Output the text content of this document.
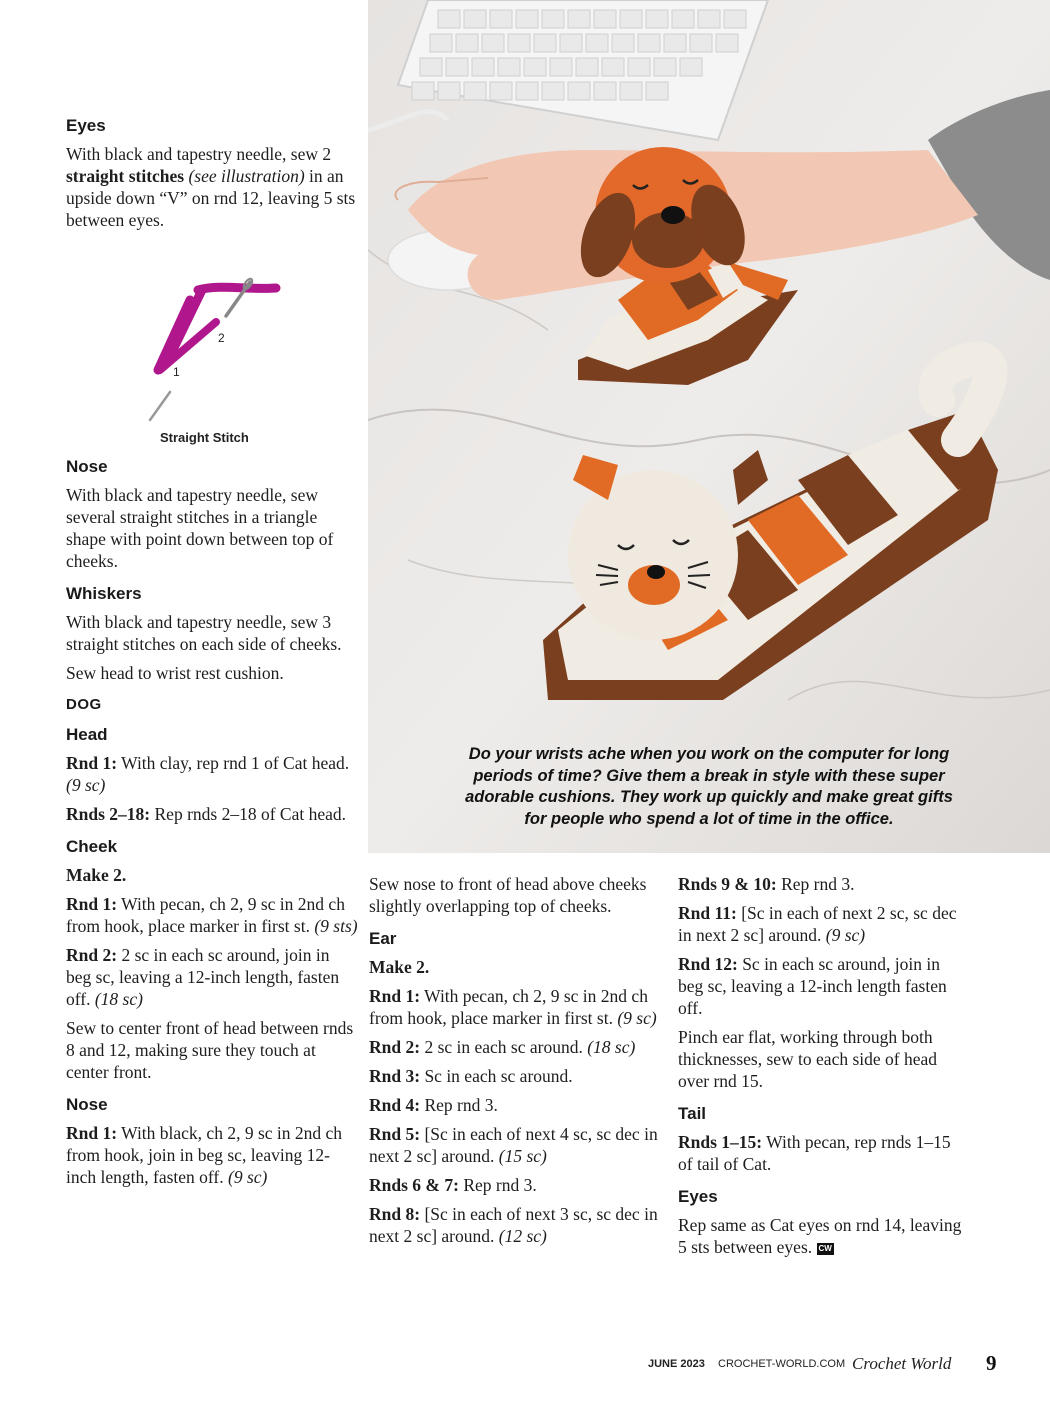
Eyes
With black and tapestry needle, sew 2 straight stitches (see illustration) in an upside down “V” on rnd 12, leaving 5 sts between eyes.
2
1
Straight Stitch
Nose
With black and tapestry needle, sew several straight stitches in a triangle shape with point down between top of cheeks.
Whiskers
With black and tapestry needle, sew 3 straight stitches on each side of cheeks.
Sew head to wrist rest cushion.
DOG
Head
Rnd 1: With clay, rep rnd 1 of Cat head. (9 sc)
Rnds 2–18: Rep rnds 2–18 of Cat head.
Cheek
Make 2.
Rnd 1: With pecan, ch 2, 9 sc in 2nd ch from hook, place marker in first st. (9 sts)
Rnd 2: 2 sc in each sc around, join in beg sc, leaving a 12-inch length, fasten off. (18 sc)
Sew to center front of head between rnds 8 and 12, making sure they touch at center front.
Nose
Rnd 1: With black, ch 2, 9 sc in 2nd ch from hook, join in beg sc, leaving 12-inch length, fasten off. (9 sc)
Do your wrists ache when you work on the computer for long
periods of time? Give them a break in style with these super
adorable cushions. They work up quickly and make great gifts
for people who spend a lot of time in the office.
Sew nose to front of head above cheeks slightly overlapping top of cheeks.
Ear
Make 2.
Rnd 1: With pecan, ch 2, 9 sc in 2nd ch from hook, place marker in first st. (9 sc)
Rnd 2: 2 sc in each sc around. (18 sc)
Rnd 3: Sc in each sc around.
Rnd 4: Rep rnd 3.
Rnd 5: [Sc in each of next 4 sc, sc dec in next 2 sc] around. (15 sc)
Rnds 6 & 7: Rep rnd 3.
Rnd 8: [Sc in each of next 3 sc, sc dec in next 2 sc] around. (12 sc)
Rnds 9 & 10: Rep rnd 3.
Rnd 11: [Sc in each of next 2 sc, sc dec in next 2 sc] around. (9 sc)
Rnd 12: Sc in each sc around, join in beg sc, leaving a 12-inch length fasten off.
Pinch ear flat, working through both thicknesses, sew to each side of head over rnd 15.
Tail
Rnds 1–15: With pecan, rep rnds 1–15 of tail of Cat.
Eyes
Rep same as Cat eyes on rnd 14, leaving 5 sts between eyes. CW
JUNE 2023 CROCHET-WORLD.COM Crochet World 9
